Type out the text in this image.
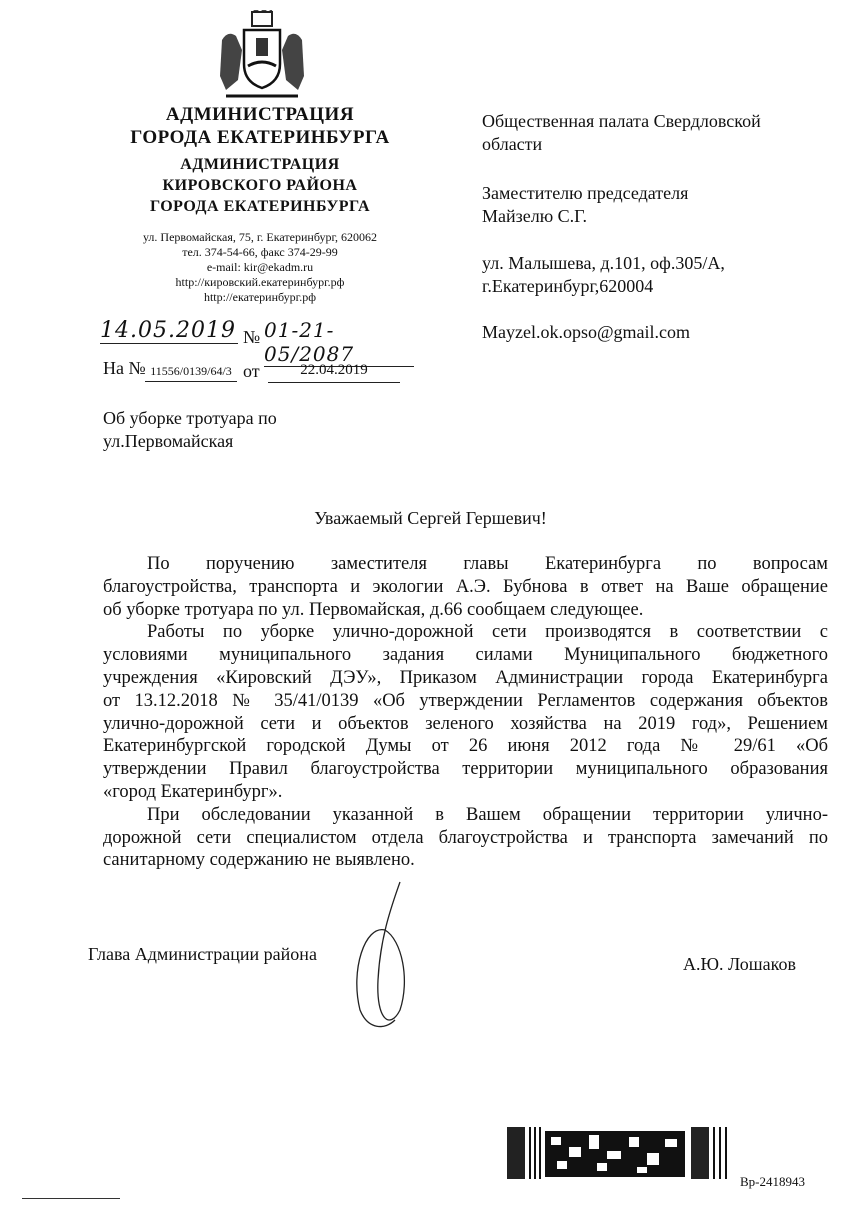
АДМИНИСТРАЦИЯ
ГОРОДА ЕКАТЕРИНБУРГА
АДМИНИСТРАЦИЯ
КИРОВСКОГО РАЙОНА
ГОРОДА ЕКАТЕРИНБУРГА
ул. Первомайская, 75, г. Екатеринбург, 620062
тел. 374-54-66, факс 374-29-99
e-mail: kir@ekadm.ru
http://кировский.екатеринбург.рф
http://екатеринбург.рф
14.05.2019 № 01-21-05/2087
На № 11556/0139/64/3 от	22.04.2019
Общественная палата Свердловской
области
Заместителю председателя
Майзелю С.Г.
ул. Малышева, д.101, оф.305/А,
г.Екатеринбург,620004
Mayzel.ok.opso@gmail.com
Об уборке тротуара по
ул.Первомайская
Уважаемый Сергей Гершевич!
По поручению заместителя главы Екатеринбурга по вопросам
благоустройства, транспорта и экологии А.Э. Бубнова в ответ на Ваше обращение
об уборке тротуара по ул. Первомайская, д.66 сообщаем следующее.
Работы по уборке улично-дорожной сети производятся в соответствии с
условиями муниципального задания силами Муниципального бюджетного
учреждения «Кировский ДЭУ», Приказом Администрации города Екатеринбурга
от 13.12.2018 № 35/41/0139 «Об утверждении Регламентов содержания объектов
улично-дорожной сети и объектов зеленого хозяйства на 2019 год», Решением
Екатеринбургской городской Думы от 26 июня 2012 года № 29/61 «Об
утверждении Правил благоустройства территории муниципального образования
«город Екатеринбург».
При обследовании указанной в Вашем обращении территории улично-
дорожной сети специалистом отдела благоустройства и транспорта замечаний по
санитарному содержанию не выявлено.
Глава Администрации района	А.Ю. Лошаков
Вр-2418943
